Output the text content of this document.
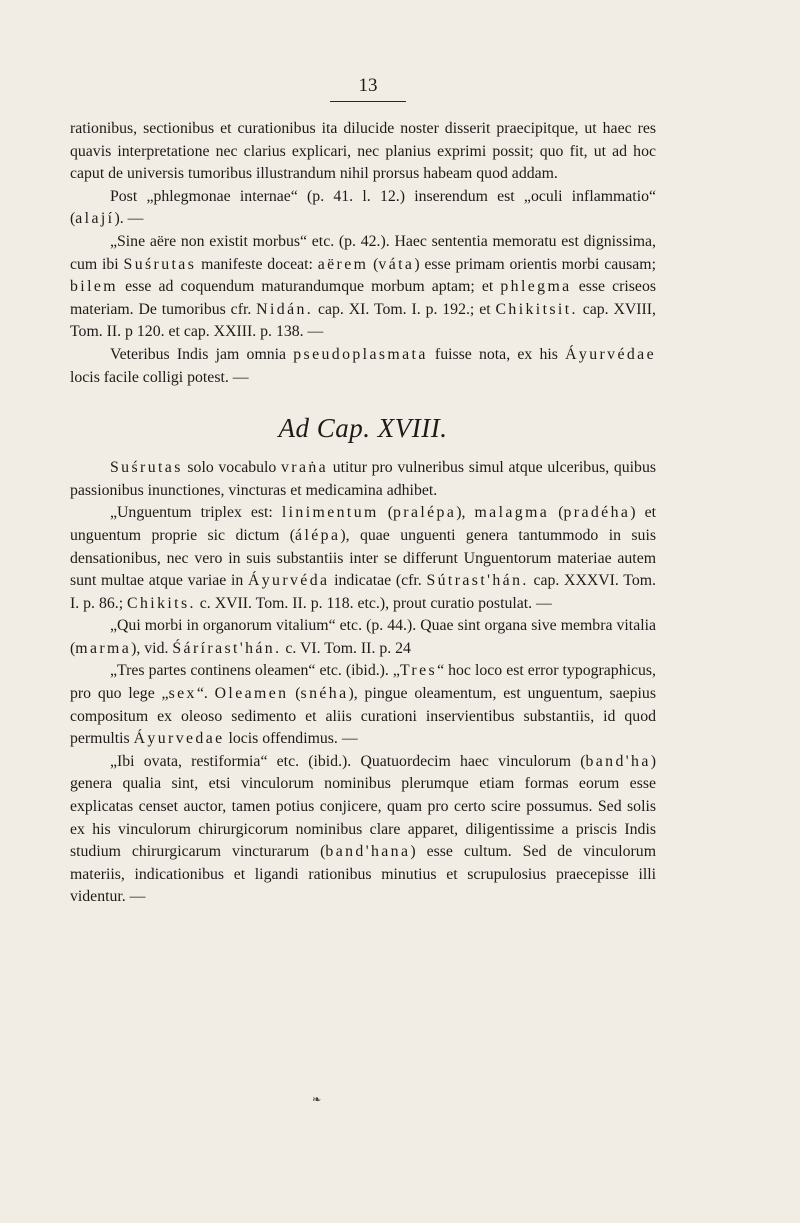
13

rationibus, sectionibus et curationibus ita dilucide noster disserit praecipitque, ut haec res quavis interpretatione nec clarius explicari, nec planius exprimi possit; quo fit, ut ad hoc caput de universis tumoribus illustrandum nihil prorsus habeam quod addam.

Post „phlegmonae internae“ (p. 41. l. 12.) inserendum est „oculi inflammatio“ (alají). —

„Sine aëre non existit morbus“ etc. (p. 42.). Haec sententia memoratu est dignissima, cum ibi Suśrutas manifeste doceat: aërem (váta) esse primam orientis morbi causam; bilem esse ad coquendum maturandumque morbum aptam; et phlegma esse criseos materiam. De tumoribus cfr. Nidán. cap. XI. Tom. I. p. 192.; et Chikitsit. cap. XVIII, Tom. II. p 120. et cap. XXIII. p. 138. —

Veteribus Indis jam omnia pseudoplasmata fuisse nota, ex his Áyurvédae locis facile colligi potest. —

Ad Cap. XVIII.

Suśrutas solo vocabulo vraṅa utitur pro vulneribus simul atque ulceribus, quibus passionibus inunctiones, vincturas et medicamina adhibet.

„Unguentum triplex est: linimentum (pralépa), malagma (pradéha) et unguentum proprie sic dictum (álépa), quae unguenti genera tantummodo in suis densationibus, nec vero in suis substantiis inter se differunt Unguentorum materiae autem sunt multae atque variae in Áyurvéda indicatae (cfr. Sútrast'hán. cap. XXXVI. Tom. I. p. 86.; Chikits. c. XVII. Tom. II. p. 118. etc.), prout curatio postulat. —

„Qui morbi in organorum vitalium“ etc. (p. 44.). Quae sint organa sive membra vitalia (marma), vid. Śárírast'hán. c. VI. Tom. II. p. 24

„Tres partes continens oleamen“ etc. (ibid.). „Tres“ hoc loco est error typographicus, pro quo lege „sex“. Oleamen (snéha), pingue oleamentum, est unguentum, saepius compositum ex oleoso sedimento et aliis curationi inservientibus substantiis, id quod permultis Áyurvedae locis offendimus. —

„Ibi ovata, restiformia“ etc. (ibid.). Quatuordecim haec vinculorum (band'ha) genera qualia sint, etsi vinculorum nominibus plerumque etiam formas eorum esse explicatas censet auctor, tamen potius conjicere, quam pro certo scire possumus. Sed solis ex his vinculorum chirurgicorum nominibus clare apparet, diligentissime a priscis Indis studium chirurgicarum vincturarum (band'hana) esse cultum. Sed de vinculorum materiis, indicationibus et ligandi rationibus minutius et scrupulosius praecepisse illi videntur. —

❧
